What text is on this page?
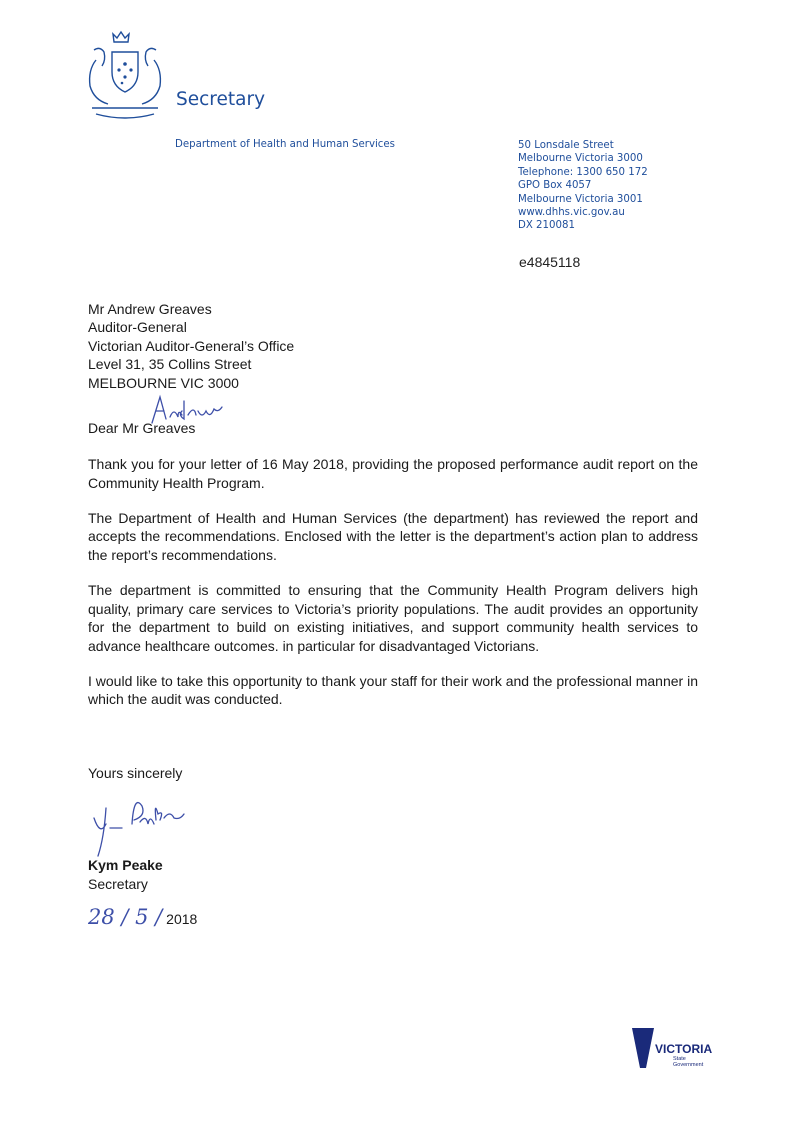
Secretary
Department of Health and Human Services	50 Lonsdale Street
Melbourne Victoria 3000
Telephone: 1300 650 172
GPO Box 4057
Melbourne Victoria 3001
www.dhhs.vic.gov.au
DX 210081
e4845118
Mr Andrew Greaves
Auditor-General
Victorian Auditor-General’s Office
Level 31, 35 Collins Street
MELBOURNE VIC 3000
Dear Mr Greaves

Thank you for your letter of 16 May 2018, providing the proposed performance audit report on the Community Health Program.

The Department of Health and Human Services (the department) has reviewed the report and accepts the recommendations. Enclosed with the letter is the department’s action plan to address the report’s recommendations.

The department is committed to ensuring that the Community Health Program delivers high quality, primary care services to Victoria’s priority populations. The audit provides an opportunity for the department to build on existing initiatives, and support community health services to advance healthcare outcomes. in particular for disadvantaged Victorians.

I would like to take this opportunity to thank your staff for their work and the professional manner in which the audit was conducted.

Yours sincerely
Kym Peake
Secretary
28 / 5 / 2018
VICTORIA
State
Government
